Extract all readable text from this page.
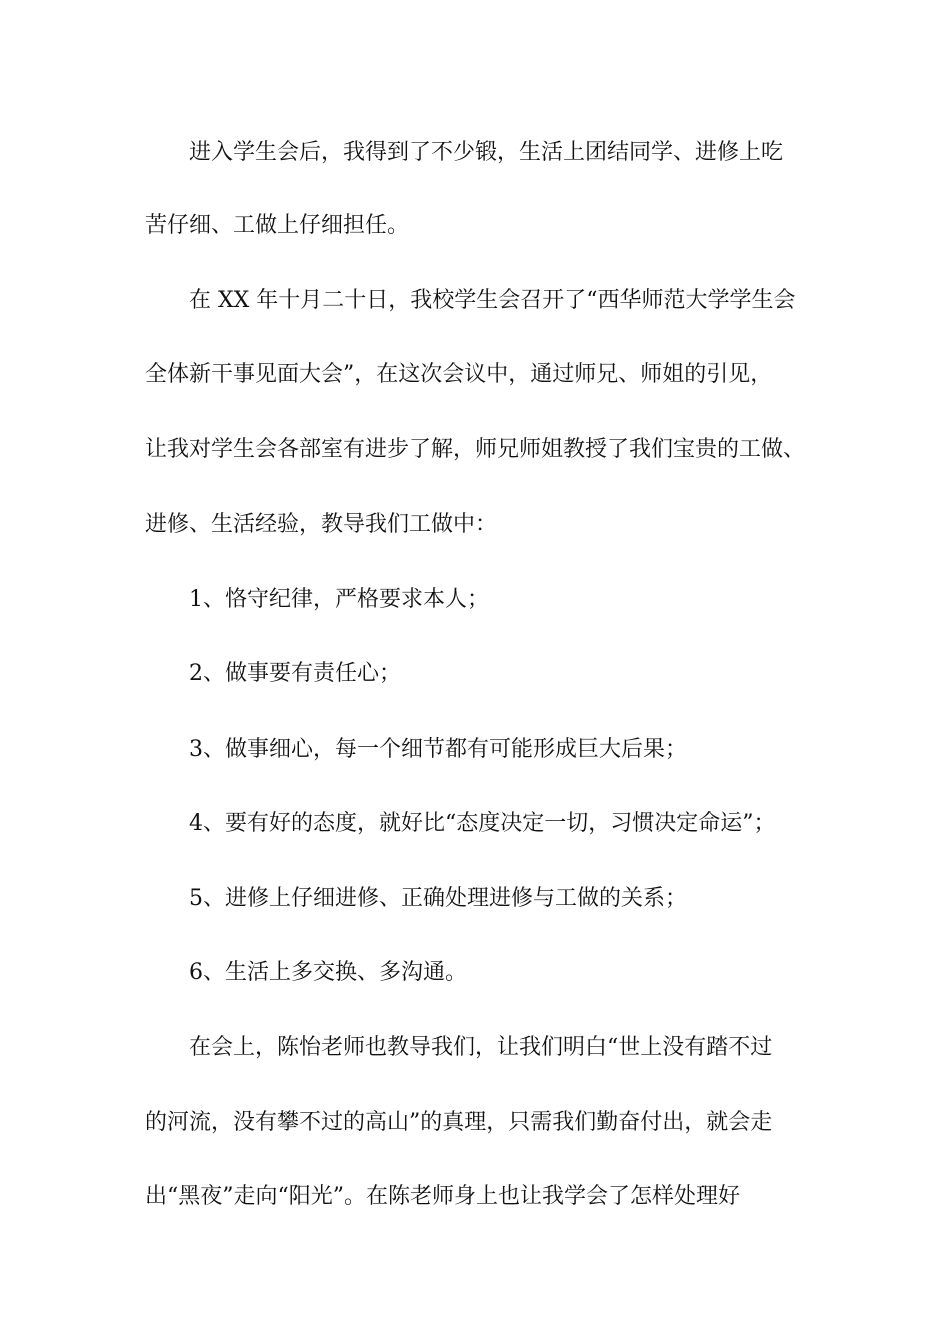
进入学生会后，我得到了不少锻，生活上团结同学、进修上吃
苦仔细、工做上仔细担任。
在 XX 年十月二十日，我校学生会召开了“西华师范大学学生会
全体新干事见面大会”，在这次会议中，通过师兄、师姐的引见，
让我对学生会各部室有进步了解，师兄师姐教授了我们宝贵的工做、
进修、生活经验，教导我们工做中：
1、恪守纪律，严格要求本人；
2、做事要有责任心；
3、做事细心，每一个细节都有可能形成巨大后果；
4、要有好的态度，就好比“态度决定一切，习惯决定命运”；
5、进修上仔细进修、正确处理进修与工做的关系；
6、生活上多交换、多沟通。
在会上，陈怡老师也教导我们，让我们明白“世上没有踏不过
的河流，没有攀不过的高山”的真理，只需我们勤奋付出，就会走
出“黑夜”走向“阳光”。在陈老师身上也让我学会了怎样处理好
